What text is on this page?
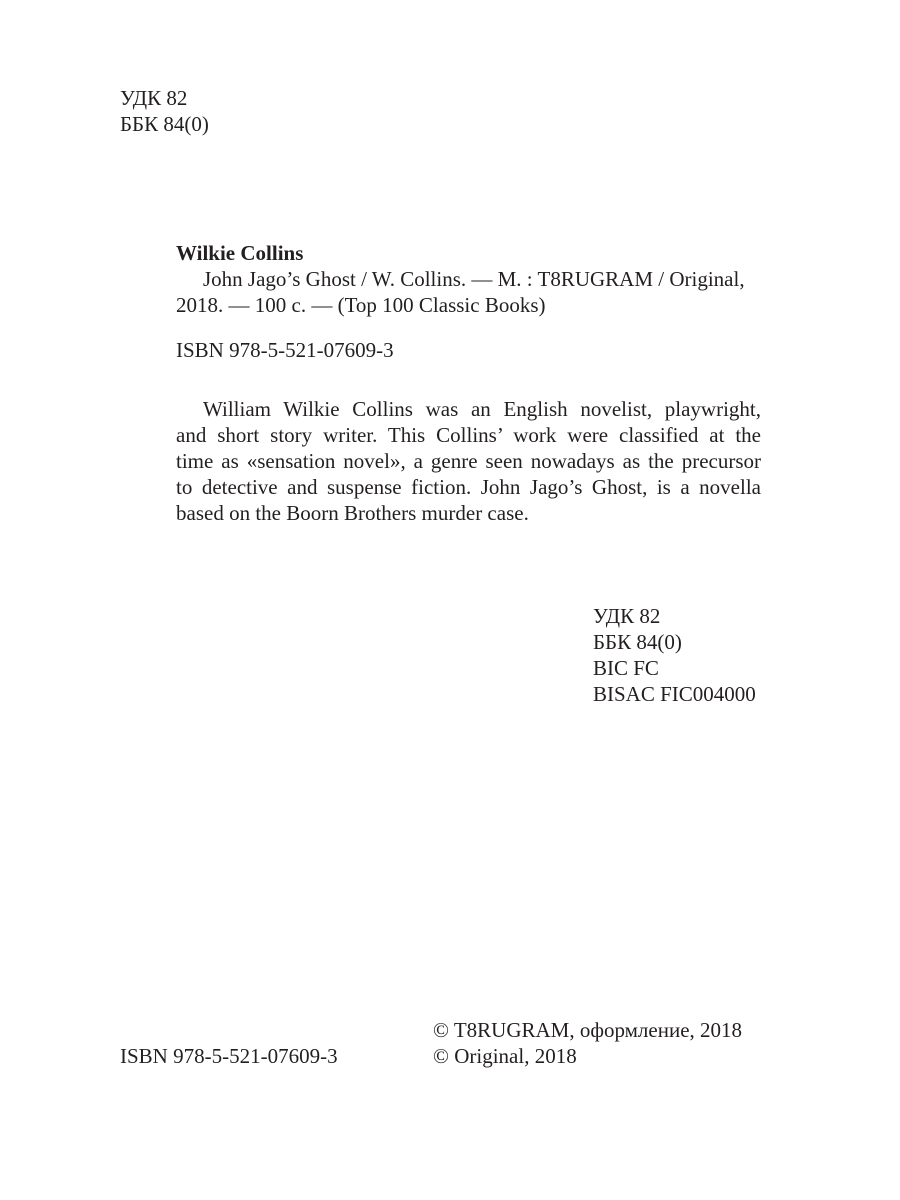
УДК 82
ББК 84(0)
Wilkie Collins
John Jago’s Ghost / W. Collins. — M. : T8RUGRAM / Original,
2018. — 100 с. — (Top 100 Classic Books)
ISBN 978-5-521-07609-3
William Wilkie Collins was an English novelist, playwright,
and short story writer. This Collins’ work were classified at the
time as «sensation novel», a genre seen nowadays as the precursor
to detective and suspense fiction. John Jago’s Ghost, is a novella
based on the Boorn Brothers murder case.
УДК 82
ББК 84(0)
BIC FC
BISAC FIC004000
ISBN 978-5-521-07609-3
© T8RUGRAM, оформление, 2018
© Original, 2018
